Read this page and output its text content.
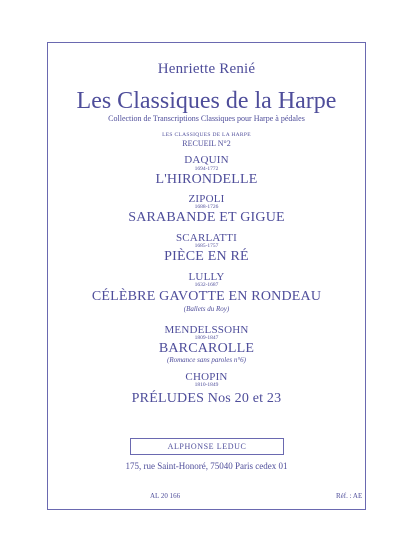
Henriette Renié
Les Classiques de la Harpe
Collection de Transcriptions Classiques pour Harpe à pédales
LES CLASSIQUES DE LA HARPE
RECUEIL N°2
DAQUIN
1694-1772
L'HIRONDELLE
ZIPOLI
1688-1726
SARABANDE ET GIGUE
SCARLATTI
1685-1757
PIÈCE EN RÉ
LULLY
1632-1687
CÉLÈBRE GAVOTTE EN RONDEAU
(Ballets du Roy)
MENDELSSOHN
1809-1847
BARCAROLLE
(Romance sans paroles n°6)
CHOPIN
1810-1849
PRÉLUDES Nos 20 et 23
ALPHONSE LEDUC
175, rue Saint-Honoré, 75040 Paris cedex 01
AL 20 166	Réf. : AE
